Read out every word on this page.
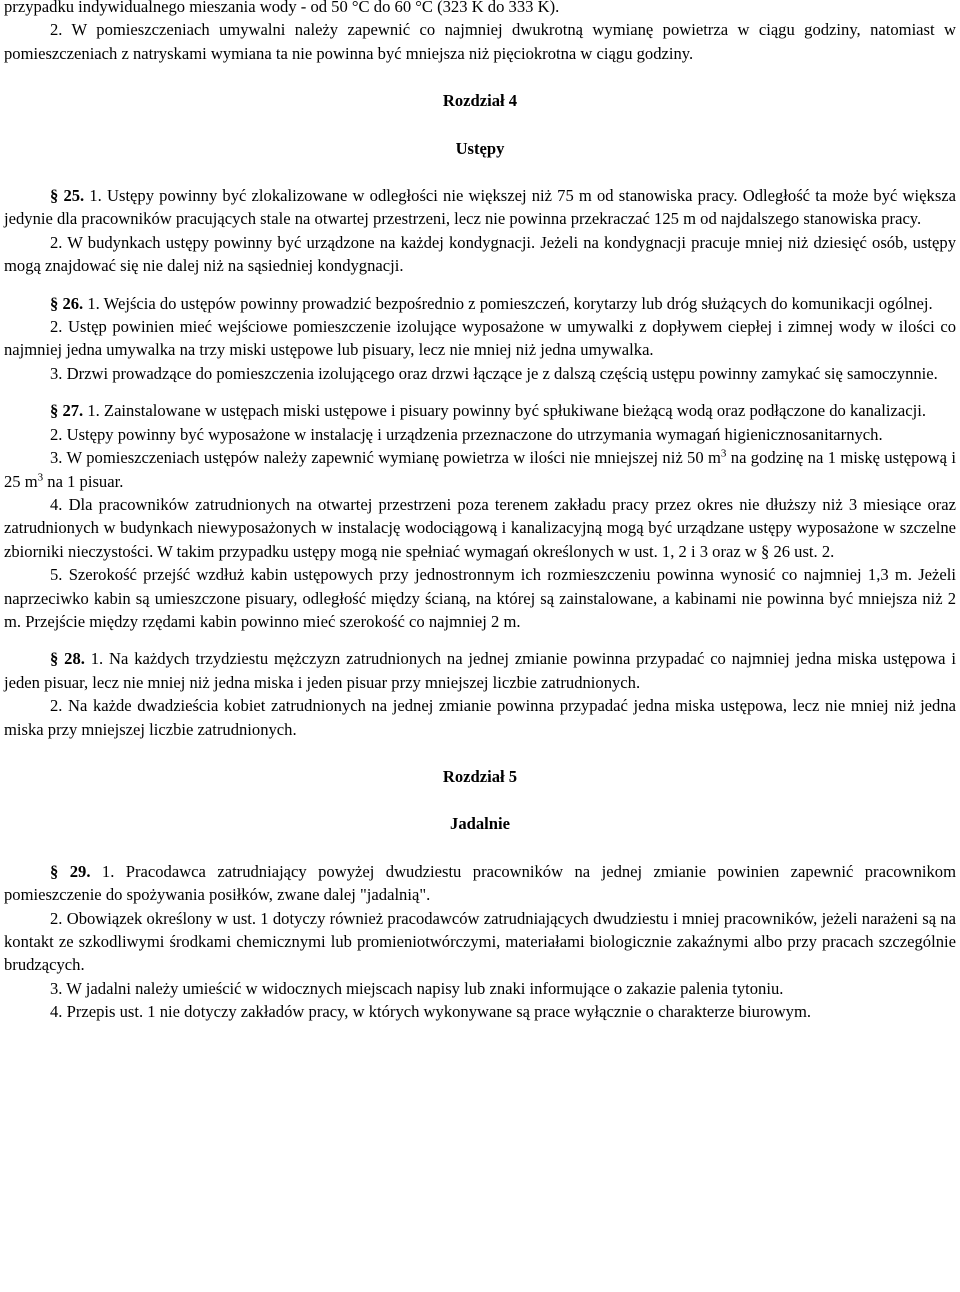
przypadku indywidualnego mieszania wody - od 50 °C do 60 °C (323 K do 333 K).

2. W pomieszczeniach umywalni należy zapewnić co najmniej dwukrotną wymianę powietrza w ciągu godziny, natomiast w pomieszczeniach z natryskami wymiana ta nie powinna być mniejsza niż pięciokrotna w ciągu godziny.

Rozdział 4

Ustępy

§ 25. 1. Ustępy powinny być zlokalizowane w odległości nie większej niż 75 m od stanowiska pracy. Odległość ta może być większa jedynie dla pracowników pracujących stale na otwartej przestrzeni, lecz nie powinna przekraczać 125 m od najdalszego stanowiska pracy.

2. W budynkach ustępy powinny być urządzone na każdej kondygnacji. Jeżeli na kondygnacji pracuje mniej niż dziesięć osób, ustępy mogą znajdować się nie dalej niż na sąsiedniej kondygnacji.

§ 26. 1. Wejścia do ustępów powinny prowadzić bezpośrednio z pomieszczeń, korytarzy lub dróg służących do komunikacji ogólnej.

2. Ustęp powinien mieć wejściowe pomieszczenie izolujące wyposażone w umywalki z dopływem ciepłej i zimnej wody w ilości co najmniej jedna umywalka na trzy miski ustępowe lub pisuary, lecz nie mniej niż jedna umywalka.

3. Drzwi prowadzące do pomieszczenia izolującego oraz drzwi łączące je z dalszą częścią ustępu powinny zamykać się samoczynnie.

§ 27. 1. Zainstalowane w ustępach miski ustępowe i pisuary powinny być spłukiwane bieżącą wodą oraz podłączone do kanalizacji.

2. Ustępy powinny być wyposażone w instalację i urządzenia przeznaczone do utrzymania wymagań higienicznosanitarnych.

3. W pomieszczeniach ustępów należy zapewnić wymianę powietrza w ilości nie mniejszej niż 50 $m^3$ na godzinę na 1 miskę ustępową i 25 $m^3$ na 1 pisuar.

4. Dla pracowników zatrudnionych na otwartej przestrzeni poza terenem zakładu pracy przez okres nie dłuższy niż 3 miesiące oraz zatrudnionych w budynkach niewyposażonych w instalację wodociągową i kanalizacyjną mogą być urządzane ustępy wyposażone w szczelne zbiorniki nieczystości. W takim przypadku ustępy mogą nie spełniać wymagań określonych w ust. 1, 2 i 3 oraz w § 26 ust. 2.

5. Szerokość przejść wzdłuż kabin ustępowych przy jednostronnym ich rozmieszczeniu powinna wynosić co najmniej 1,3 m. Jeżeli naprzeciwko kabin są umieszczone pisuary, odległość między ścianą, na której są zainstalowane, a kabinami nie powinna być mniejsza niż 2 m. Przejście między rzędami kabin powinno mieć szerokość co najmniej 2 m.

§ 28. 1. Na każdych trzydziestu mężczyzn zatrudnionych na jednej zmianie powinna przypadać co najmniej jedna miska ustępowa i jeden pisuar, lecz nie mniej niż jedna miska i jeden pisuar przy mniejszej liczbie zatrudnionych.

2. Na każde dwadzieścia kobiet zatrudnionych na jednej zmianie powinna przypadać jedna miska ustępowa, lecz nie mniej niż jedna miska przy mniejszej liczbie zatrudnionych.

Rozdział 5

Jadalnie

§ 29. 1. Pracodawca zatrudniający powyżej dwudziestu pracowników na jednej zmianie powinien zapewnić pracownikom pomieszczenie do spożywania posiłków, zwane dalej "jadalnią".

2. Obowiązek określony w ust. 1 dotyczy również pracodawców zatrudniających dwudziestu i mniej pracowników, jeżeli narażeni są na kontakt ze szkodliwymi środkami chemicznymi lub promieniotwórczymi, materiałami biologicznie zakaźnymi albo przy pracach szczególnie brudzących.

3. W jadalni należy umieścić w widocznych miejscach napisy lub znaki informujące o zakazie palenia tytoniu.

4. Przepis ust. 1 nie dotyczy zakładów pracy, w których wykonywane są prace wyłącznie o charakterze biurowym.
